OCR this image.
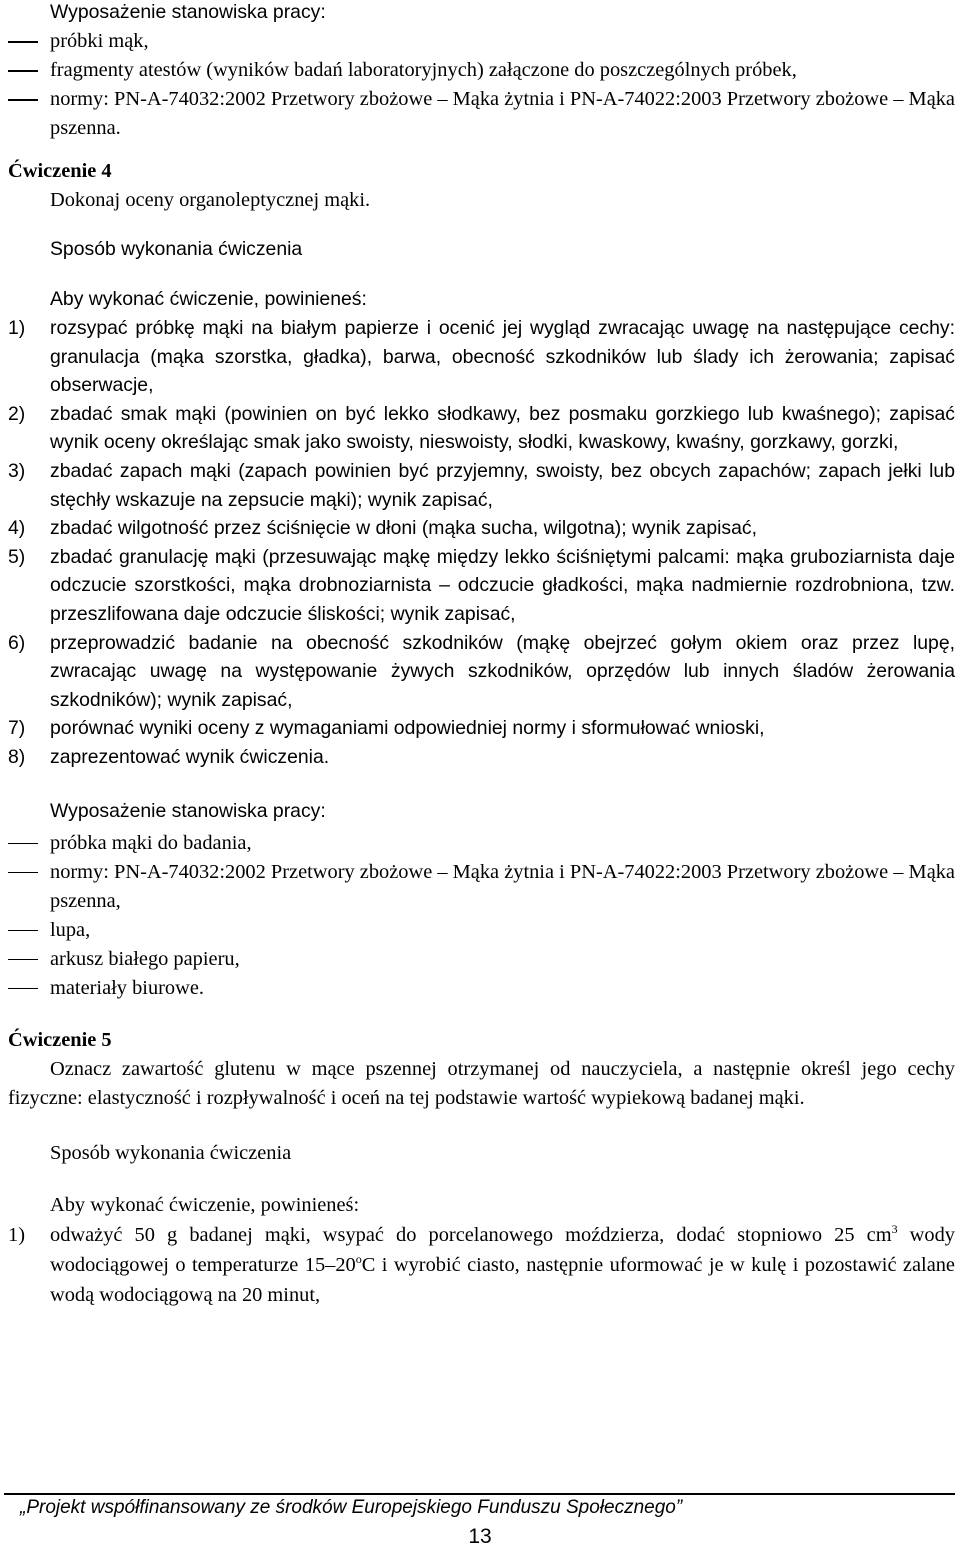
Wyposażenie stanowiska pracy:

próbki mąk,
fragmenty atestów (wyników badań laboratoryjnych) załączone do poszczególnych próbek,
normy: PN-A-74032:2002 Przetwory zbożowe – Mąka żytnia i PN-A-74022:2003 Przetwory zbożowe – Mąka pszenna.
Ćwiczenie 4

Dokonaj oceny organoleptycznej mąki.

Sposób wykonania ćwiczenia

Aby wykonać ćwiczenie, powinieneś:

1) rozsypać próbkę mąki na białym papierze i ocenić jej wygląd zwracając uwagę na następujące cechy: granulacja (mąka szorstka, gładka), barwa, obecność szkodników lub ślady ich żerowania; zapisać obserwacje,
2) zbadać smak mąki (powinien on być lekko słodkawy, bez posmaku gorzkiego lub kwaśnego); zapisać wynik oceny określając smak jako swoisty, nieswoisty, słodki, kwaskowy, kwaśny, gorzkawy, gorzki,
3) zbadać zapach mąki (zapach powinien być przyjemny, swoisty, bez obcych zapachów; zapach jełki lub stęchły wskazuje na zepsucie mąki); wynik zapisać,
4) zbadać wilgotność przez ściśnięcie w dłoni (mąka sucha, wilgotna); wynik zapisać,
5) zbadać granulację mąki (przesuwając mąkę między lekko ściśniętymi palcami: mąka gruboziarnista daje odczucie szorstkości, mąka drobnoziarnista – odczucie gładkości, mąka nadmiernie rozdrobniona, tzw. przeszlifowana daje odczucie śliskości; wynik zapisać,
6) przeprowadzić badanie na obecność szkodników (mąkę obejrzeć gołym okiem oraz przez lupę, zwracając uwagę na występowanie żywych szkodników, oprzędów lub innych śladów żerowania szkodników); wynik zapisać,
7) porównać wyniki oceny z wymaganiami odpowiedniej normy i sformułować wnioski,
8) zaprezentować wynik ćwiczenia.

Wyposażenie stanowiska pracy:

próbka mąki do badania,
normy: PN-A-74032:2002 Przetwory zbożowe – Mąka żytnia i PN-A-74022:2003 Przetwory zbożowe – Mąka pszenna,
lupa,
arkusz białego papieru,
materiały biurowe.
Ćwiczenie 5

Oznacz zawartość glutenu w mące pszennej otrzymanej od nauczyciela, a następnie określ jego cechy fizyczne: elastyczność i rozpływalność i oceń na tej podstawie wartość wypiekową badanej mąki.

Sposób wykonania ćwiczenia

Aby wykonać ćwiczenie, powinieneś:

1) odważyć 50 g badanej mąki, wsypać do porcelanowego moździerza, dodać stopniowo 25 $cm^3$ wody wodociągowej o temperaturze 15–20$^o$C i wyrobić ciasto, następnie uformować je w kulę i pozostawić zalane wodą wodociągową na 20 minut,
„Projekt współfinansowany ze środków Europejskiego Funduszu Społecznego”
13
